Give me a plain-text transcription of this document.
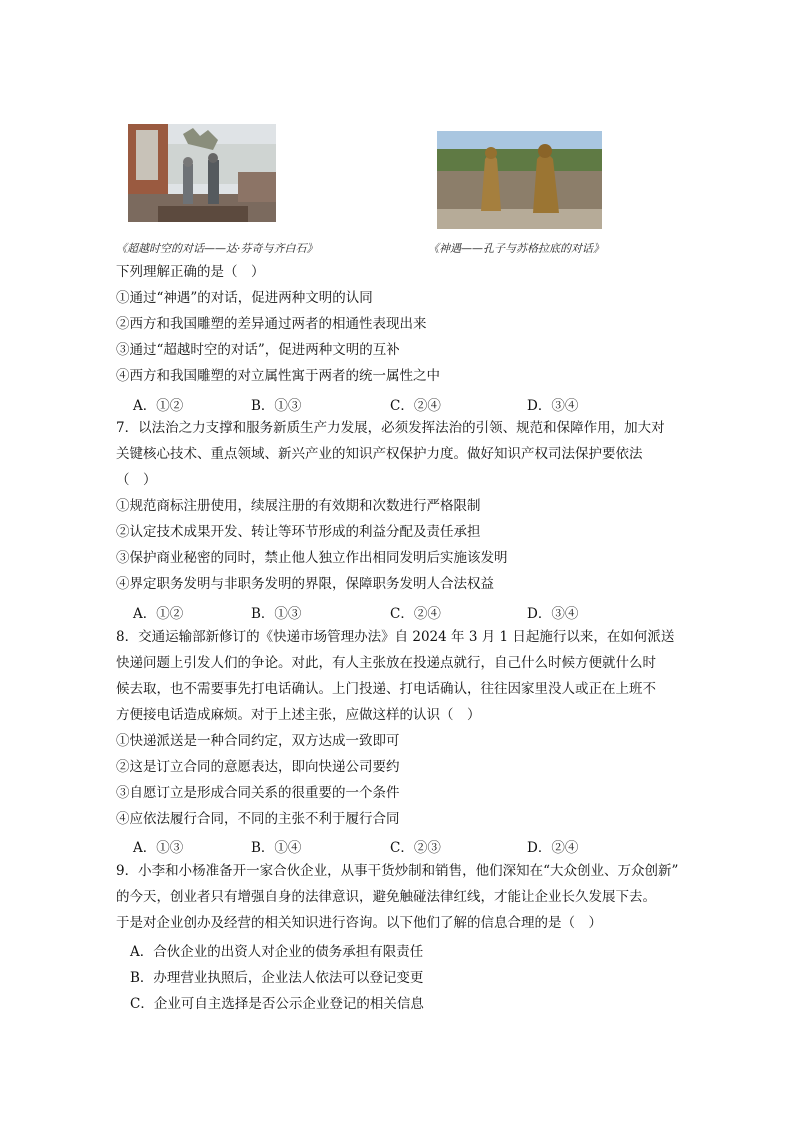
《超越时空的对话——达·芬奇与齐白石》	《神遇——孔子与苏格拉底的对话》
下列理解正确的是（　）
①通过“神遇”的对话，促进两种文明的认同
②西方和我国雕塑的差异通过两者的相通性表现出来
③通过“超越时空的对话”，促进两种文明的互补
④西方和我国雕塑的对立属性寓于两者的统一属性之中
A．①②	B．①③	C．②④	D．③④
7．以法治之力支撑和服务新质生产力发展，必须发挥法治的引领、规范和保障作用，加大对
关键核心技术、重点领域、新兴产业的知识产权保护力度。做好知识产权司法保护要依法
（　）
①规范商标注册使用，续展注册的有效期和次数进行严格限制
②认定技术成果开发、转让等环节形成的利益分配及责任承担
③保护商业秘密的同时，禁止他人独立作出相同发明后实施该发明
④界定职务发明与非职务发明的界限，保障职务发明人合法权益
A．①②	B．①③	C．②④	D．③④
8．交通运输部新修订的《快递市场管理办法》自 2024 年 3 月 1 日起施行以来，在如何派送
快递问题上引发人们的争论。对此，有人主张放在投递点就行，自己什么时候方便就什么时
候去取，也不需要事先打电话确认。上门投递、打电话确认，往往因家里没人或正在上班不
方便接电话造成麻烦。对于上述主张，应做这样的认识（　）
①快递派送是一种合同约定，双方达成一致即可
②这是订立合同的意愿表达，即向快递公司要约
③自愿订立是形成合同关系的很重要的一个条件
④应依法履行合同，不同的主张不利于履行合同
A．①③	B．①④	C．②③	D．②④
9．小李和小杨准备开一家合伙企业，从事干货炒制和销售，他们深知在“大众创业、万众创新”
的今天，创业者只有增强自身的法律意识，避免触碰法律红线，才能让企业长久发展下去。
于是对企业创办及经营的相关知识进行咨询。以下他们了解的信息合理的是（　）
A．合伙企业的出资人对企业的债务承担有限责任
B．办理营业执照后，企业法人依法可以登记变更
C．企业可自主选择是否公示企业登记的相关信息
